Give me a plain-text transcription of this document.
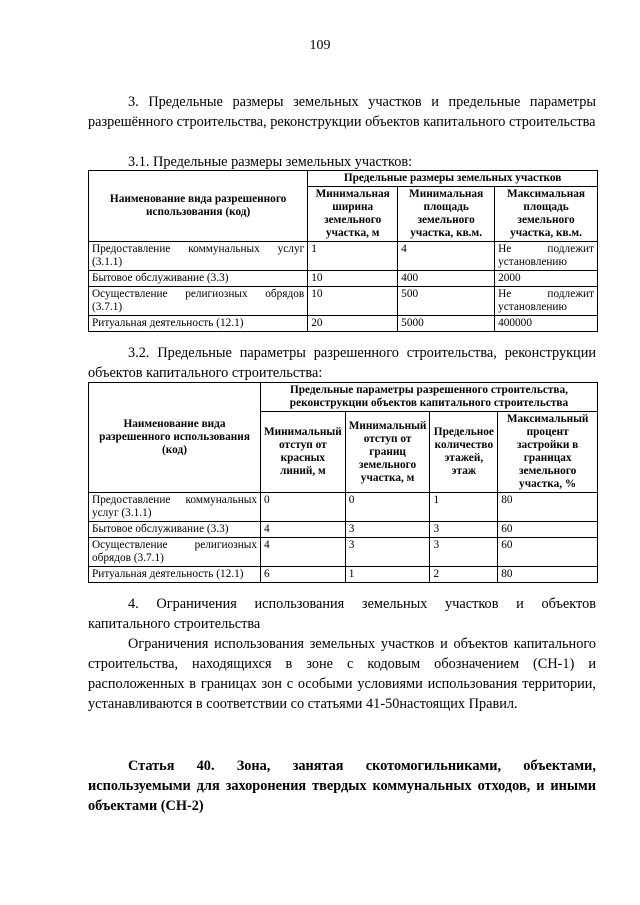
109
3. Предельные размеры земельных участков и предельные параметры разрешённого строительства, реконструкции объектов капитального строительства
3.1. Предельные размеры земельных участков:
Наименование вида разрешенного использования (код)	Предельные размеры земельных участков		
	Минимальная ширина земельного участка, м	Минимальная площадь земельного участка, кв.м.	Максимальная площадь земельного участка, кв.м.
Предоставление коммунальных услуг (3.1.1)	1	4	Не подлежит установлению
Бытовое обслуживание (3.3)	10	400	2000
Осуществление религиозных обрядов (3.7.1)	10	500	Не подлежит установлению
Ритуальная деятельность (12.1)	20	5000	400000
3.2. Предельные параметры разрешенного строительства, реконструкции объектов капитального строительства:
Наименование вида разрешенного использования (код)	Предельные параметры разрешенного строительства, реконструкции объектов капитального строительства			
	Минимальный отступ от красных линий, м	Минимальный отступ от границ земельного участка, м	Предельное количество этажей, этаж	Максимальный процент застройки в границах земельного участка, %
Предоставление коммунальных услуг (3.1.1)	0	0	1	80
Бытовое обслуживание (3.3)	4	3	3	60
Осуществление религиозных обрядов (3.7.1)	4	3	3	60
Ритуальная деятельность (12.1)	6	1	2	80
4. Ограничения использования земельных участков и объектов капитального строительства
Ограничения использования земельных участков и объектов капитального строительства, находящихся в зоне с кодовым обозначением (СН-1) и расположенных в границах зон с особыми условиями использования территории, устанавливаются в соответствии со статьями 41-50настоящих Правил.
Статья 40. Зона, занятая скотомогильниками, объектами, используемыми для захоронения твердых коммунальных отходов, и иными объектами (СН-2)
